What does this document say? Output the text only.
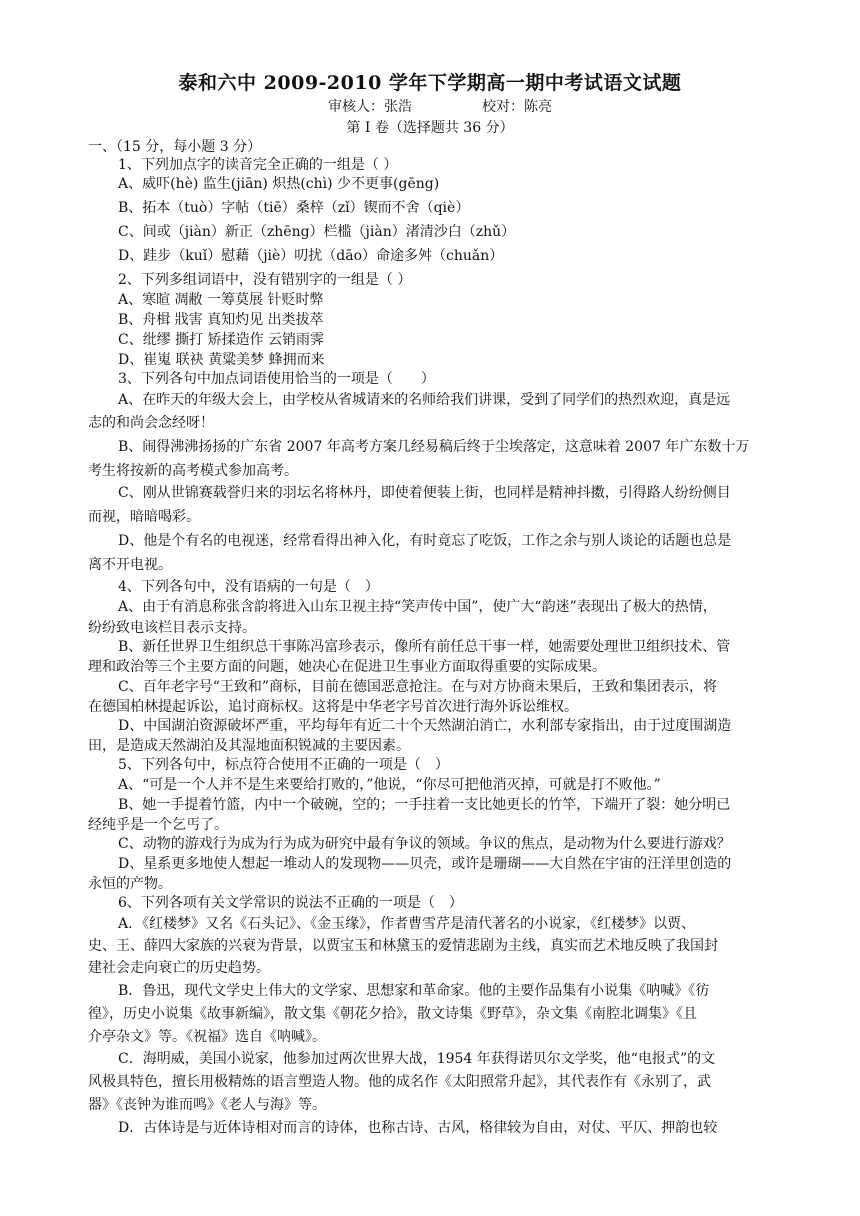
泰和六中 2009-2010 学年下学期高一期中考试语文试题
审核人：张浩	校对：陈亮
第 I 卷（选择题共 36 分）
一、（15 分，每小题 3 分）
1、下列加点字的读音完全正确的一组是（ ）
A、威吓(hè) 监生(jiān) 炽热(chì) 少不更事(gēng)
B、拓本（tuò）字帖（tiē）桑梓（zǐ）锲而不舍（qiè）
C、间或（jiàn）新正（zhēng）栏槛（jiàn）渚清沙白（zhǔ）
D、跬步（kuǐ）慰藉（jiè）叨扰（dāo）命途多舛（chuǎn）
2、下列多组词语中，没有错别字的一组是（ ）
A、寒暄 凋敝 一筹莫展 针贬时弊
B、舟楫 戕害 真知灼见 出类拔萃
C、纰缪 撕打 矫揉造作 云销雨霁
D、崔嵬 联袂 黄粱美梦 蜂拥而来
3、下列各句中加点词语使用恰当的一项是（　　）
A、在昨天的年级大会上，由学校从省城请来的名师给我们讲课，受到了同学们的热烈欢迎，真是远
志的和尚会念经呀！
B、闹得沸沸扬扬的广东省 2007 年高考方案几经易稿后终于尘埃落定，这意味着 2007 年广东数十万
考生将按新的高考模式参加高考。
C、刚从世锦赛载誉归来的羽坛名将林丹，即使着便装上街，也同样是精神抖擞，引得路人纷纷侧目
而视，暗暗喝彩。
D、他是个有名的电视迷，经常看得出神入化，有时竟忘了吃饭，工作之余与别人谈论的话题也总是
离不开电视。
4、下列各句中，没有语病的一句是（　）
A、由于有消息称张含韵将进入山东卫视主持“笑声传中国”，使广大“韵迷”表现出了极大的热情，
纷纷致电该栏目表示支持。
B、新任世界卫生组织总干事陈冯富珍表示，像所有前任总干事一样，她需要处理世卫组织技术、管
理和政治等三个主要方面的问题，她决心在促进卫生事业方面取得重要的实际成果。
C、百年老字号“王致和”商标，目前在德国恶意抢注。在与对方协商未果后，王致和集团表示，将
在德国柏林提起诉讼，追讨商标权。这将是中华老字号首次进行海外诉讼维权。
D、中国湖泊资源破坏严重，平均每年有近二十个天然湖泊消亡，水利部专家指出，由于过度围湖造
田，是造成天然湖泊及其湿地面积锐减的主要因素。
5、下列各句中，标点符合使用不正确的一项是（　）
A、“可是一个人并不是生来要给打败的，”他说，“你尽可把他消灭掉，可就是打不败他。”
B、她一手提着竹篮，内中一个破碗，空的；一手拄着一支比她更长的竹竿，下端开了裂：她分明已
经纯乎是一个乞丐了。
C、动物的游戏行为成为行为成为研究中最有争议的领域。争议的焦点，是动物为什么要进行游戏？
D、星系更多地使人想起一堆动人的发现物——贝壳，或许是珊瑚——大自然在宇宙的汪洋里创造的
永恒的产物。
6、下列各项有关文学常识的说法不正确的一项是（　）
A．《红楼梦》又名《石头记》、《金玉缘》，作者曹雪芹是清代著名的小说家，《红楼梦》以贾、
史、王、薛四大家族的兴衰为背景，以贾宝玉和林黛玉的爱情悲剧为主线，真实而艺术地反映了我国封
建社会走向衰亡的历史趋势。
B．鲁迅，现代文学史上伟大的文学家、思想家和革命家。他的主要作品集有小说集《呐喊》《彷
徨》，历史小说集《故事新编》，散文集《朝花夕拾》，散文诗集《野草》，杂文集《南腔北调集》《且
介亭杂文》等。《祝福》选自《呐喊》。
C．海明威，美国小说家，他参加过两次世界大战，1954 年获得诺贝尔文学奖，他“电报式”的文
风极具特色，擅长用极精炼的语言塑造人物。他的成名作《太阳照常升起》，其代表作有《永别了，武
器》《丧钟为谁而鸣》《老人与海》等。
D．古体诗是与近体诗相对而言的诗体，也称古诗、古风，格律较为自由，对仗、平仄、押韵也较
